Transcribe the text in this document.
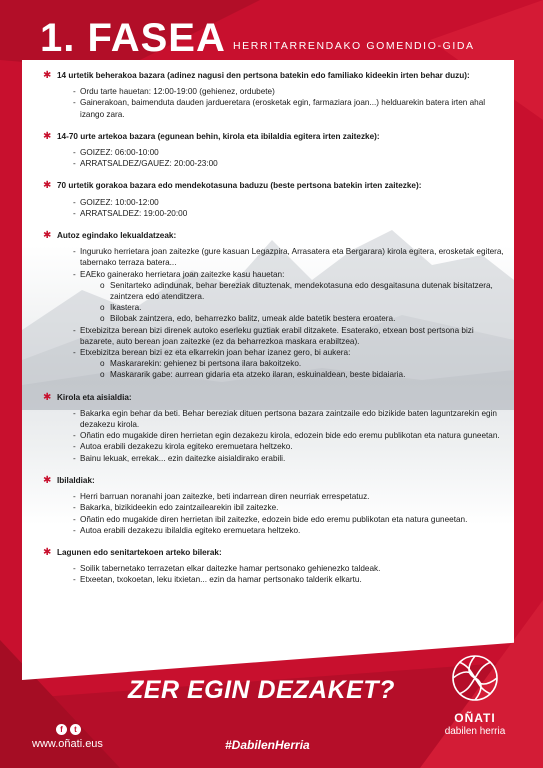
1. FASEA HERRITARRENDAKO GOMENDIO-GIDA
✱ 14 urtetik beherakoa bazara (adinez nagusi den pertsona batekin edo familiako kideekin irten behar duzu):
- Ordu tarte hauetan: 12:00-19:00 (gehienez, ordubete)
- Gainerakoan, baimenduta dauden jardueretara (erosketak egin, farmaziara joan...) helduarekin batera irten ahal izango zara.
✱ 14-70 urte artekoa bazara (egunean behin, kirola eta ibilaldia egitera irten zaitezke):
- GOIZEZ: 06:00-10:00
- ARRATSALDEZ/GAUEZ: 20:00-23:00
✱ 70 urtetik gorakoa bazara edo mendekotasuna baduzu (beste pertsona batekin irten zaitezke):
- GOIZEZ: 10:00-12:00
- ARRATSALDEZ: 19:00-20:00
✱ Autoz egindako lekualdatzeak:
- Inguruko herrietara joan zaitezke (gure kasuan Legazpira, Arrasatera eta Bergarara) kirola egitera, erosketak egitera, tabernako terraza batera...
- EAEko gainerako herrietara joan zaitezke kasu hauetan:
o Senitarteko adindunak, behar bereziak dituztenak, mendekotasuna edo desgaitasuna dutenak bisitatzera, zaintzera edo atenditzera.
o Ikastera.
o Bilobak zaintzera, edo, beharrezko balitz, umeak alde batetik bestera eroatera.
- Etxebizitza berean bizi direnek autoko eserleku guztiak erabil ditzakete. Esaterako, etxean bost pertsona bizi bazarete, auto berean joan zaitezke (ez da beharrezkoa maskara erabiltzea).
- Etxebizitza berean bizi ez eta elkarrekin joan behar izanez gero, bi aukera:
o Maskararekin: gehienez bi pertsona ilara bakoitzeko.
o Maskararik gabe: aurrean gidaria eta atzeko ilaran, eskuinaldean, beste bidaiaria.
✱ Kirola eta aisialdia:
- Bakarka egin behar da beti. Behar bereziak dituen pertsona bazara zaintzaile edo bizikide baten laguntzarekin egin dezakezu kirola.
- Oñatin edo mugakide diren herrietan egin dezakezu kirola, edozein bide edo eremu publikotan eta natura guneetan.
- Autoa erabili dezakezu kirola egiteko eremuetara heltzeko.
- Bainu lekuak, errekak... ezin daitezke aisialdirako erabili.
✱ Ibilaldiak:
- Herri barruan noranahi joan zaitezke, beti indarrean diren neurriak errespetatuz.
- Bakarka, bizikideekin edo zaintzailearekin ibil zaitezke.
- Oñatin edo mugakide diren herrietan ibil zaitezke, edozein bide edo eremu publikotan eta natura guneetan.
- Autoa erabili dezakezu ibilaldia egiteko eremuetara heltzeko.
✱ Lagunen edo senitartekoen arteko bilerak:
- Soilik tabernetako terrazetan elkar daitezke hamar pertsonako gehienezko taldeak.
- Etxeetan, txokoetan, leku itxietan... ezin da hamar pertsonako talderik elkartu.
ZER EGIN DEZAKET?
f	t
www.oñati.eus	#DabilenHerria
OÑATI
dabilen herria
